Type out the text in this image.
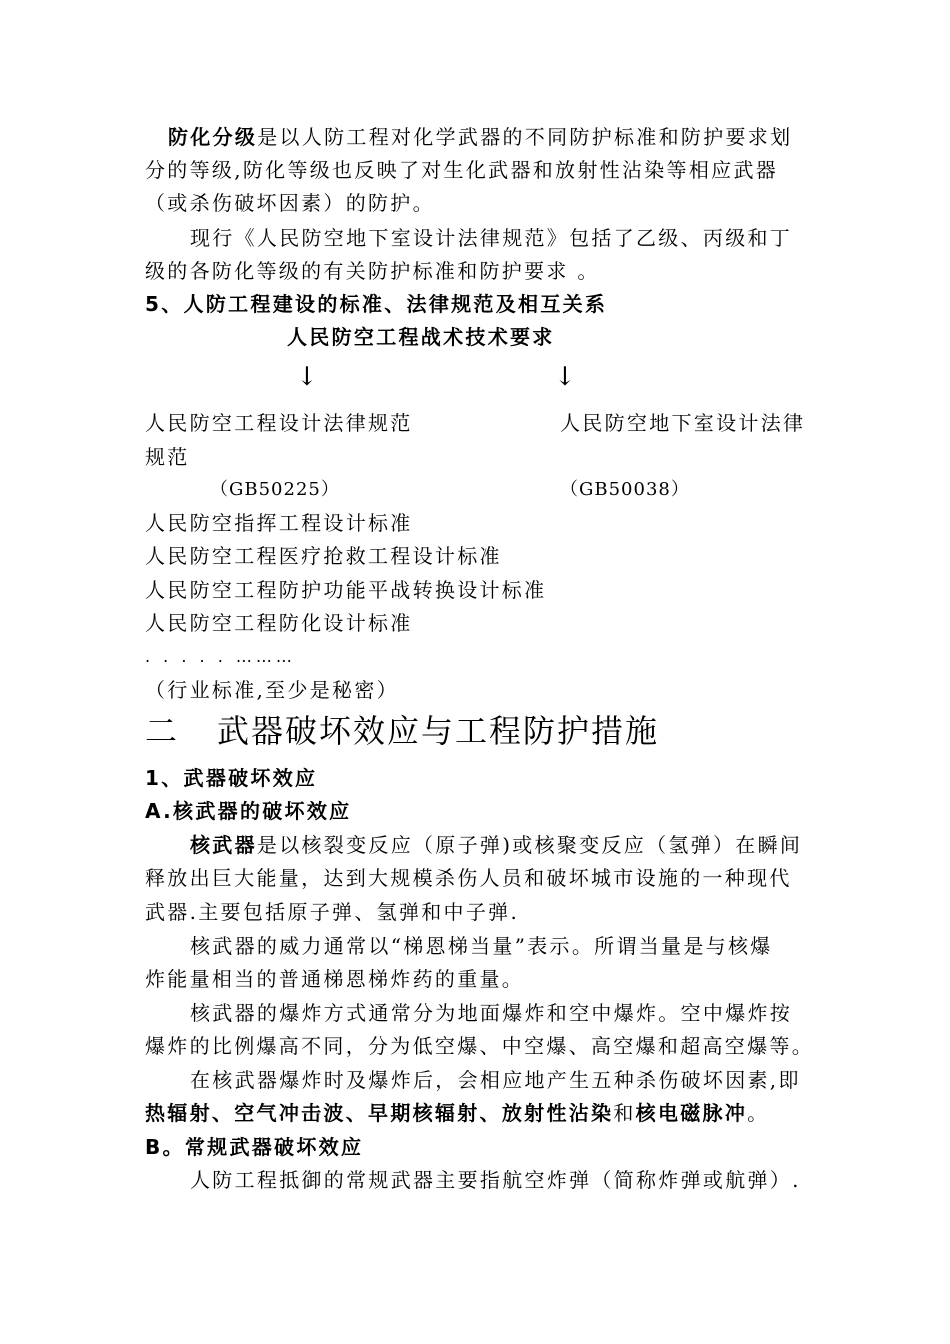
防化分级是以人防工程对化学武器的不同防护标准和防护要求划
分的等级,防化等级也反映了对生化武器和放射性沾染等相应武器
（或杀伤破坏因素）的防护。
现行《人民防空地下室设计法律规范》包括了乙级、丙级和丁
级的各防化等级的有关防护标准和防护要求 。
5、人防工程建设的标准、法律规范及相互关系
人民防空工程战术技术要求
↓	↓
人民防空工程设计法律规范	人民防空地下室设计法律
规范
（GB50225）	（GB50038）
人民防空指挥工程设计标准
人民防空工程医疗抢救工程设计标准
人民防空工程防护功能平战转换设计标准
人民防空工程防化设计标准
. . . . . ………
（行业标准,至少是秘密）
二 武器破坏效应与工程防护措施
1、武器破坏效应
A.核武器的破坏效应
核武器是以核裂变反应（原子弹)或核聚变反应（氢弹）在瞬间
释放出巨大能量，达到大规模杀伤人员和破坏城市设施的一种现代
武器.主要包括原子弹、氢弹和中子弹.
核武器的威力通常以“梯恩梯当量”表示。所谓当量是与核爆
炸能量相当的普通梯恩梯炸药的重量。
核武器的爆炸方式通常分为地面爆炸和空中爆炸。空中爆炸按
爆炸的比例爆高不同，分为低空爆、中空爆、高空爆和超高空爆等。
在核武器爆炸时及爆炸后，会相应地产生五种杀伤破坏因素,即
热辐射、空气冲击波、早期核辐射、放射性沾染和核电磁脉冲。
B。常规武器破坏效应
人防工程抵御的常规武器主要指航空炸弹（简称炸弹或航弹）.
